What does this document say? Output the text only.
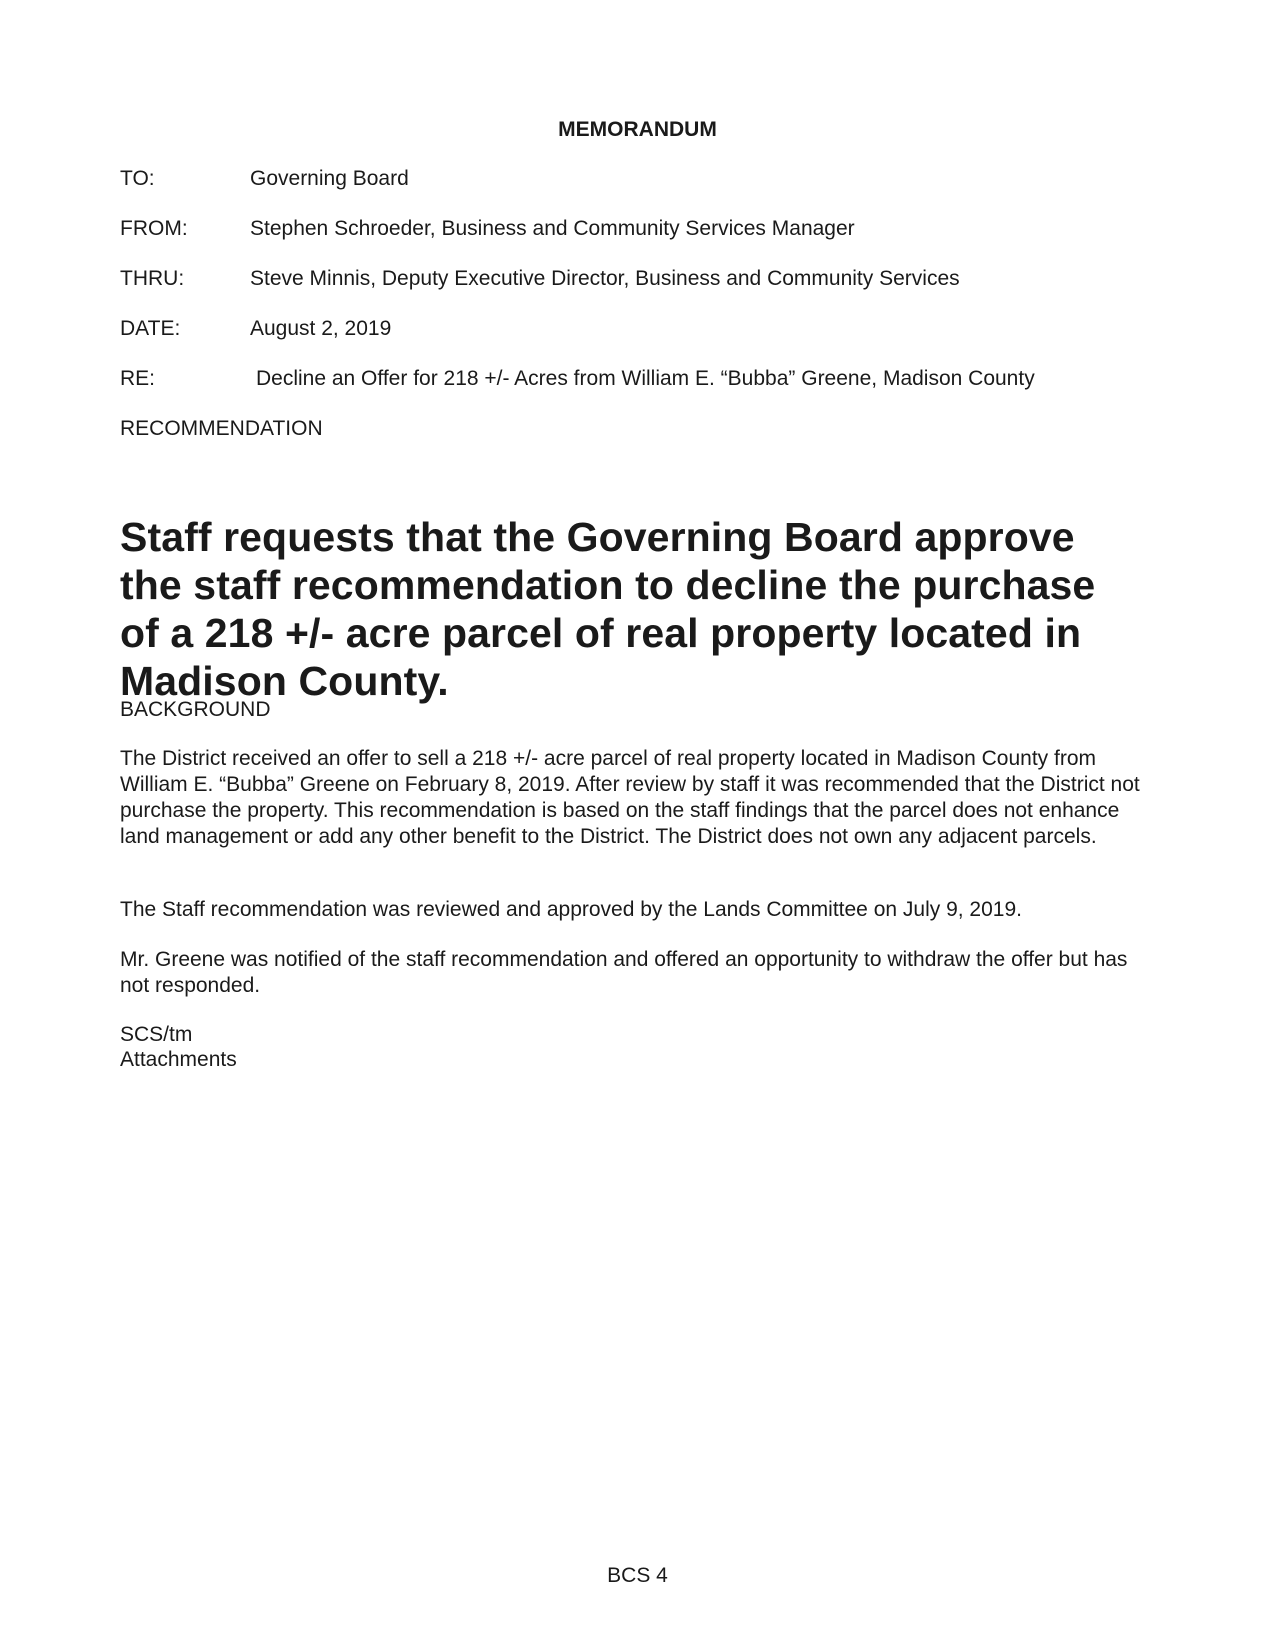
MEMORANDUM
TO:	Governing Board
FROM:	Stephen Schroeder, Business and Community Services Manager
THRU:	Steve Minnis, Deputy Executive Director, Business and Community Services
DATE:	August 2, 2019
RE:	Decline an Offer for 218 +/- Acres from William E. “Bubba” Greene, Madison County
RECOMMENDATION

Staff requests that the Governing Board approve the staff recommendation to decline the purchase of a 218 +/- acre parcel of real property located in Madison County.

BACKGROUND

The District received an offer to sell a 218 +/- acre parcel of real property located in Madison County from William E. “Bubba” Greene on February 8, 2019. After review by staff it was recommended that the District not purchase the property. This recommendation is based on the staff findings that the parcel does not enhance land management or add any other benefit to the District. The District does not own any adjacent parcels.

The Staff recommendation was reviewed and approved by the Lands Committee on July 9, 2019.

Mr. Greene was notified of the staff recommendation and offered an opportunity to withdraw the offer but has not responded.

SCS/tm

Attachments

BCS 4
